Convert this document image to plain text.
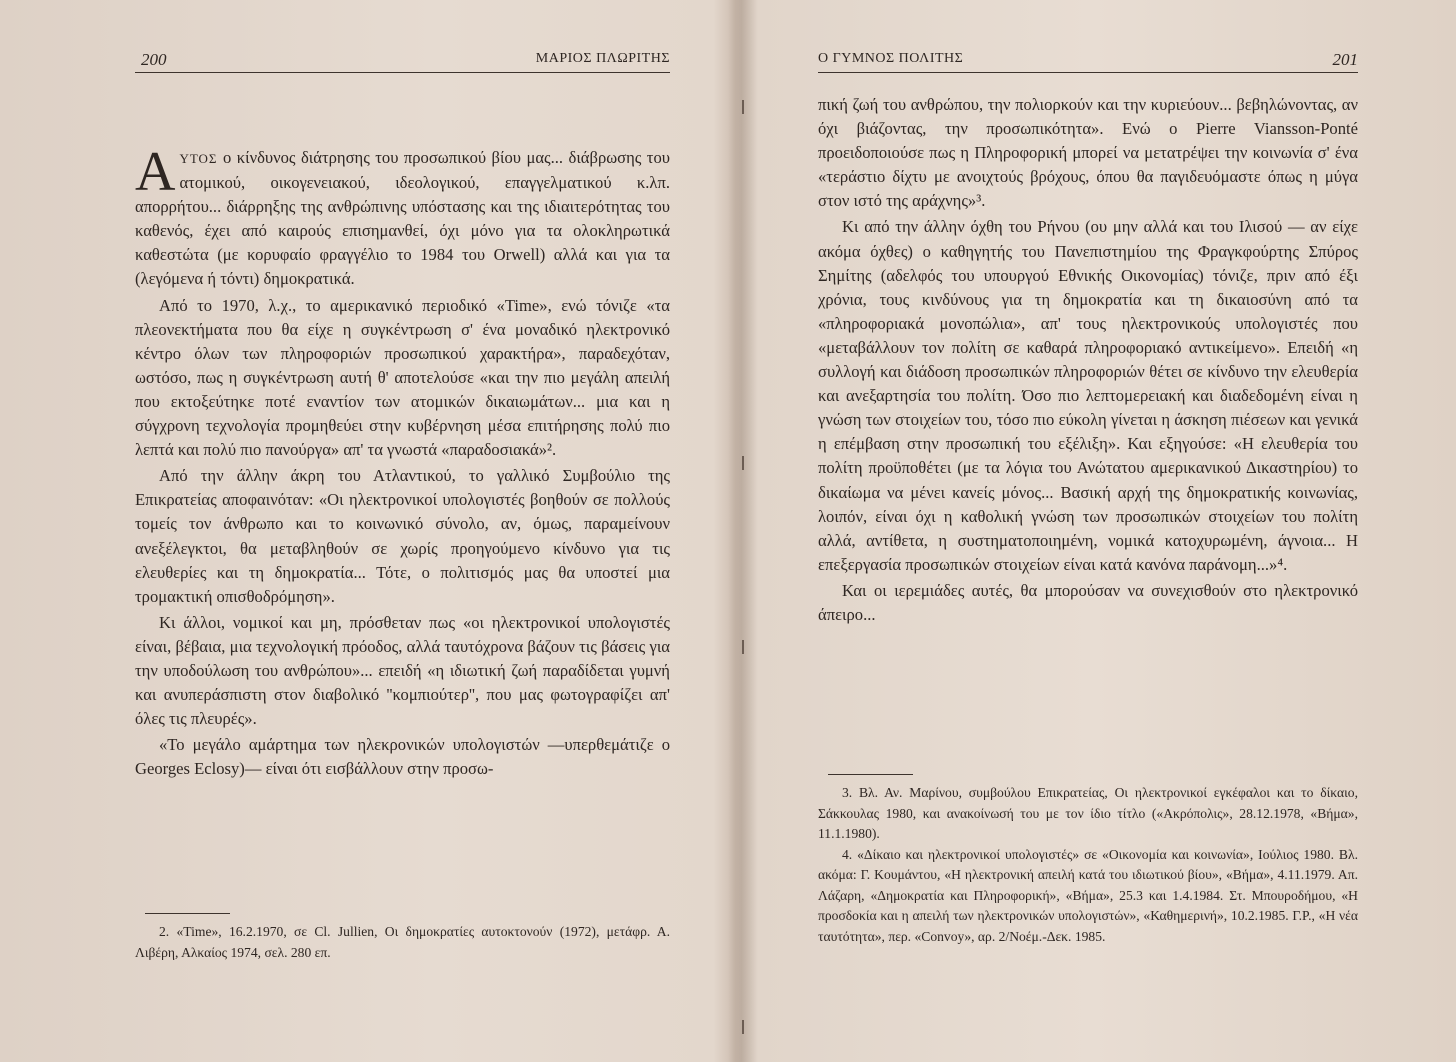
200	ΜΑΡΙΟΣ ΠΛΩΡΙΤΗΣ

ΑΥΤΟΣ ο κίνδυνος διάτρησης του προσωπικού βίου μας... διάβρωσης του ατομικού, οικογενειακού, ιδεολογικού, επαγγελματικού κ.λπ. απορρήτου... διάρρηξης της ανθρώπινης υπόστασης και της ιδιαιτερότητας του καθενός, έχει από καιρούς επισημανθεί, όχι μόνο για τα ολοκληρωτικά καθεστώτα (με κορυφαίο φραγγέλιο το 1984 του Orwell) αλλά και για τα (λεγόμενα ή τόντι) δημοκρατικά.

Από το 1970, λ.χ., το αμερικανικό περιοδικό «Time», ενώ τόνιζε «τα πλεονεκτήματα που θα είχε η συγκέντρωση σ' ένα μοναδικό ηλεκτρονικό κέντρο όλων των πληροφοριών προσωπικού χαρακτήρα», παραδεχόταν, ωστόσο, πως η συγκέντρωση αυτή θ' αποτελούσε «και την πιο μεγάλη απειλή που εκτοξεύτηκε ποτέ εναντίον των ατομικών δικαιωμάτων... μια και η σύγχρονη τεχνολογία προμηθεύει στην κυβέρνηση μέσα επιτήρησης πολύ πιο λεπτά και πολύ πιο πανούργα» απ' τα γνωστά «παραδοσιακά»².

Από την άλλην άκρη του Ατλαντικού, το γαλλικό Συμβούλιο της Επικρατείας αποφαινόταν: «Οι ηλεκτρονικοί υπολογιστές βοηθούν σε πολλούς τομείς τον άνθρωπο και το κοινωνικό σύνολο, αν, όμως, παραμείνουν ανεξέλεγκτοι, θα μεταβληθούν σε χωρίς προηγούμενο κίνδυνο για τις ελευθερίες και τη δημοκρατία... Τότε, ο πολιτισμός μας θα υποστεί μια τρομακτική οπισθοδρόμηση».

Κι άλλοι, νομικοί και μη, πρόσθεταν πως «οι ηλεκτρονικοί υπολογιστές είναι, βέβαια, μια τεχνολογική πρόοδος, αλλά ταυτόχρονα βάζουν τις βάσεις για την υποδούλωση του ανθρώπου»... επειδή «η ιδιωτική ζωή παραδίδεται γυμνή και ανυπεράσπιστη στον διαβολικό ''κομπιούτερ'', που μας φωτογραφίζει απ' όλες τις πλευρές».

«Το μεγάλο αμάρτημα των ηλεκρονικών υπολογιστών —υπερθεμάτιζε ο Georges Eclosy)— είναι ότι εισβάλλουν στην προσω-

2. «Time», 16.2.1970, σε Cl. Jullien, Οι δημοκρατίες αυτοκτονούν (1972), μετάφρ. Α. Λιβέρη, Αλκαίος 1974, σελ. 280 επ.

Ο ΓΥΜΝΟΣ ΠΟΛΙΤΗΣ	201

πική ζωή του ανθρώπου, την πολιορκούν και την κυριεύουν... βεβηλώνοντας, αν όχι βιάζοντας, την προσωπικότητα». Ενώ ο Pierre Viansson-Ponté προειδοποιούσε πως η Πληροφορική μπορεί να μετατρέψει την κοινωνία σ' ένα «τεράστιο δίχτυ με ανοιχτούς βρόχους, όπου θα παγιδευόμαστε όπως η μύγα στον ιστό της αράχνης»³.

Κι από την άλλην όχθη του Ρήνου (ου μην αλλά και του Ιλισού — αν είχε ακόμα όχθες) ο καθηγητής του Πανεπιστημίου της Φραγκφούρτης Σπύρος Σημίτης (αδελφός του υπουργού Εθνικής Οικονομίας) τόνιζε, πριν από έξι χρόνια, τους κινδύνους για τη δημοκρατία και τη δικαιοσύνη από τα «πληροφοριακά μονοπώλια», απ' τους ηλεκτρονικούς υπολογιστές που «μεταβάλλουν τον πολίτη σε καθαρά πληροφοριακό αντικείμενο». Επειδή «η συλλογή και διάδοση προσωπικών πληροφοριών θέτει σε κίνδυνο την ελευθερία και ανεξαρτησία του πολίτη. Όσο πιο λεπτομερειακή και διαδεδομένη είναι η γνώση των στοιχείων του, τόσο πιο εύκολη γίνεται η άσκηση πιέσεων και γενικά η επέμβαση στην προσωπική του εξέλιξη». Και εξηγούσε: «Η ελευθερία του πολίτη προϋποθέτει (με τα λόγια του Ανώτατου αμερικανικού Δικαστηρίου) το δικαίωμα να μένει κανείς μόνος... Βασική αρχή της δημοκρατικής κοινωνίας, λοιπόν, είναι όχι η καθολική γνώση των προσωπικών στοιχείων του πολίτη αλλά, αντίθετα, η συστηματοποιημένη, νομικά κατοχυρωμένη, άγνοια... Η επεξεργασία προσωπικών στοιχείων είναι κατά κανόνα παράνομη...»⁴.

Και οι ιερεμιάδες αυτές, θα μπορούσαν να συνεχισθούν στο ηλεκτρονικό άπειρο...

3. Βλ. Αν. Μαρίνου, συμβούλου Επικρατείας, Οι ηλεκτρονικοί εγκέφαλοι και το δίκαιο, Σάκκουλας 1980, και ανακοίνωσή του με τον ίδιο τίτλο («Ακρόπολις», 28.12.1978, «Βήμα», 11.1.1980).

4. «Δίκαιο και ηλεκτρονικοί υπολογιστές» σε «Οικονομία και κοινωνία», Ιούλιος 1980. Βλ. ακόμα: Γ. Κουμάντου, «Η ηλεκτρονική απειλή κατά του ιδιωτικού βίου», «Βήμα», 4.11.1979. Απ. Λάζαρη, «Δημοκρατία και Πληροφορική», «Βήμα», 25.3 και 1.4.1984. Στ. Μπουροδήμου, «Η προσδοκία και η απειλή των ηλεκτρονικών υπολογιστών», «Καθημερινή», 10.2.1985. Γ.Ρ., «Η νέα ταυτότητα», περ. «Convoy», αρ. 2/Νοέμ.-Δεκ. 1985.
